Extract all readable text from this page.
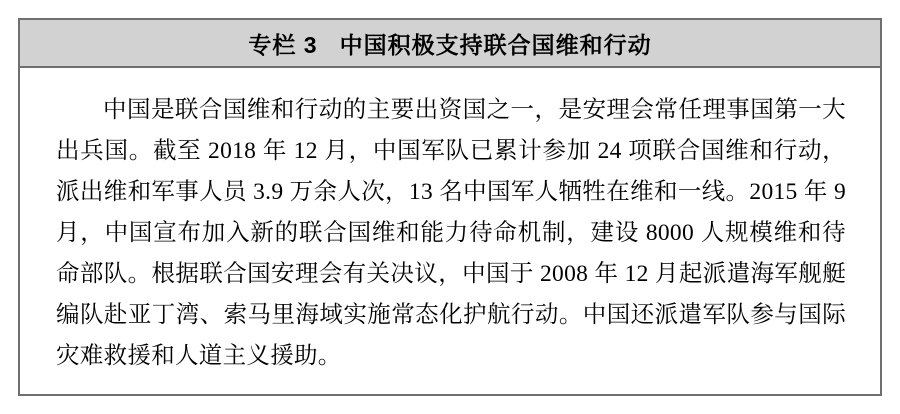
专栏 3   中国积极支持联合国维和行动

中国是联合国维和行动的主要出资国之一，是安理会常任理事国第一大出兵国。截至 2018 年 12 月，中国军队已累计参加 24 项联合国维和行动，派出维和军事人员 3.9 万余人次，13 名中国军人牺牲在维和一线。2015 年 9 月，中国宣布加入新的联合国维和能力待命机制，建设 8000 人规模维和待命部队。根据联合国安理会有关决议，中国于 2008 年 12 月起派遣海军舰艇编队赴亚丁湾、索马里海域实施常态化护航行动。中国还派遣军队参与国际灾难救援和人道主义援助。
